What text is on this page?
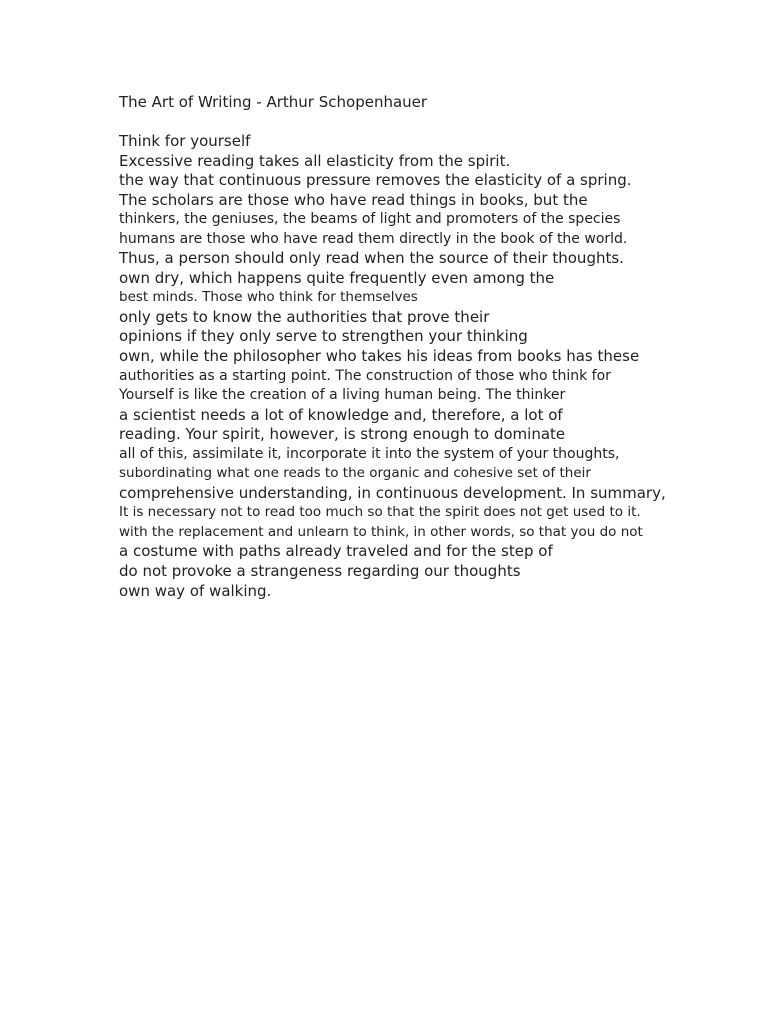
The Art of Writing - Arthur Schopenhauer
Think for yourself
Excessive reading takes all elasticity from the spirit.
the way that continuous pressure removes the elasticity of a spring.
The scholars are those who have read things in books, but the
thinkers, the geniuses, the beams of light and promoters of the species
humans are those who have read them directly in the book of the world.
Thus, a person should only read when the source of their thoughts.
own dry, which happens quite frequently even among the
best minds. Those who think for themselves
only gets to know the authorities that prove their
opinions if they only serve to strengthen your thinking
own, while the philosopher who takes his ideas from books has these
authorities as a starting point. The construction of those who think for
Yourself is like the creation of a living human being. The thinker
a scientist needs a lot of knowledge and, therefore, a lot of
reading. Your spirit, however, is strong enough to dominate
all of this, assimilate it, incorporate it into the system of your thoughts,
subordinating what one reads to the organic and cohesive set of their
comprehensive understanding, in continuous development. In summary,
It is necessary not to read too much so that the spirit does not get used to it.
with the replacement and unlearn to think, in other words, so that you do not
a costume with paths already traveled and for the step of
do not provoke a strangeness regarding our thoughts
own way of walking.
